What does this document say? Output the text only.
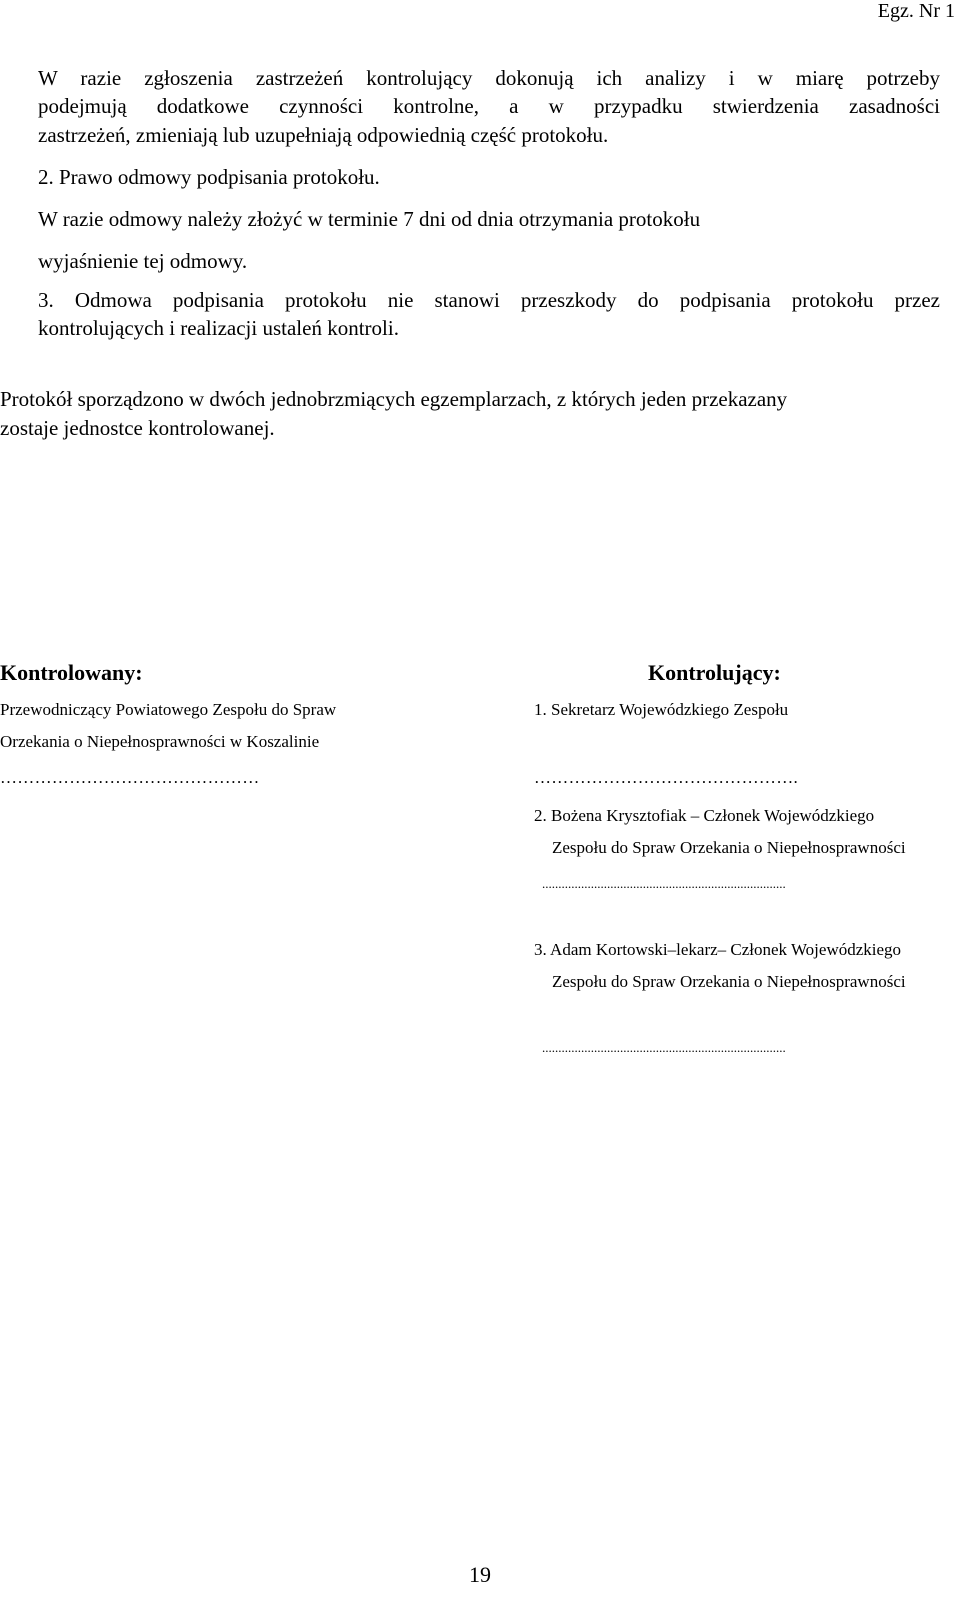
Egz. Nr 1
W razie zgłoszenia zastrzeżeń kontrolujący dokonują ich analizy i w miarę potrzeby
podejmują dodatkowe czynności kontrolne, a w przypadku stwierdzenia zasadności
zastrzeżeń, zmieniają lub uzupełniają odpowiednią część protokołu.
2. Prawo odmowy podpisania protokołu.
W razie odmowy należy złożyć w terminie 7 dni od dnia otrzymania protokołu
wyjaśnienie tej odmowy.
3. Odmowa podpisania protokołu nie stanowi przeszkody do podpisania protokołu przez
kontrolujących i realizacji ustaleń kontroli.
Protokół sporządzono w dwóch jednobrzmiących egzemplarzach, z których jeden przekazany
zostaje jednostce kontrolowanej.
Kontrolowany:
Przewodniczący Powiatowego Zespołu do Spraw
Orzekania o Niepełnosprawności w Koszalinie
………………………………………
Kontrolujący:
1. Sekretarz Wojewódzkiego Zespołu
……………………………………….
2. Bożena Krysztofiak – Członek Wojewódzkiego
Zespołu do Spraw Orzekania o Niepełnosprawności
...........................................................................
3. Adam Kortowski–lekarz– Członek Wojewódzkiego
Zespołu do Spraw Orzekania o Niepełnosprawności
...........................................................................
19
